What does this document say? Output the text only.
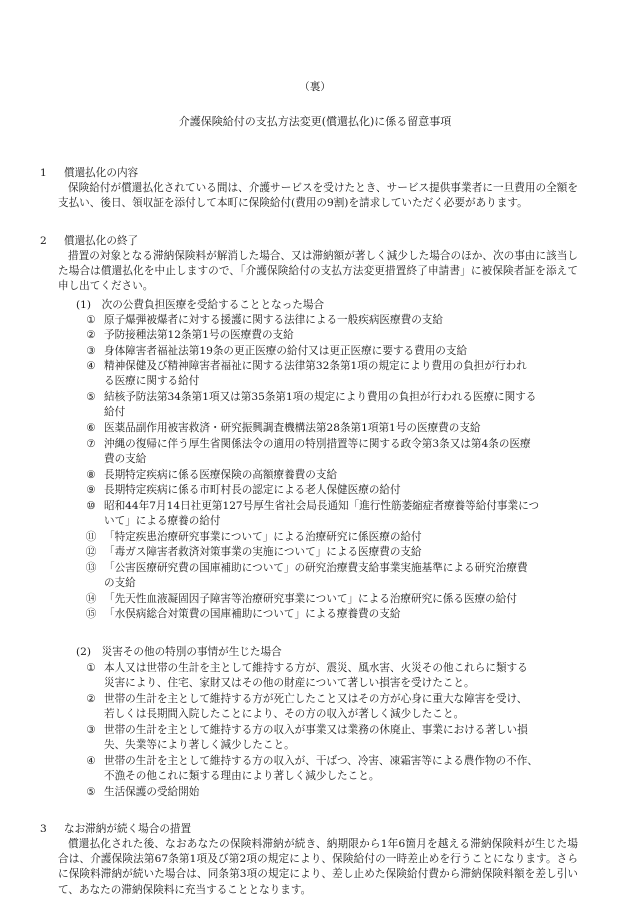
（裏）
介護保険給付の支払方法変更(償還払化)に係る留意事項
1 償還払化の内容
保険給付が償還払化されている間は、介護サービスを受けたとき、サービス提供事業者に一旦費用の全額を支払い、後日、領収証を添付して本町に保険給付(費用の9割)を請求していただく必要があります。
2 償還払化の終了
措置の対象となる滞納保険料が解消した場合、又は滞納額が著しく減少した場合のほか、次の事由に該当した場合は償還払化を中止しますので、「介護保険給付の支払方法変更措置終了申請書」に被保険者証を添えて申し出てください。
(1)　次の公費負担医療を受給することとなった場合
① 原子爆弾被爆者に対する援護に関する法律による一般疾病医療費の支給
② 予防接種法第12条第1号の医療費の支給
③ 身体障害者福祉法第19条の更正医療の給付又は更正医療に要する費用の支給
④ 精神保健及び精神障害者福祉に関する法律第32条第1項の規定により費用の負担が行われ
る医療に関する給付
⑤ 結核予防法第34条第1項又は第35条第1項の規定により費用の負担が行われる医療に関する
給付
⑥ 医薬品副作用被害救済・研究振興調査機構法第28条第1項第1号の医療費の支給
⑦ 沖縄の復帰に伴う厚生省関係法令の適用の特別措置等に関する政令第3条又は第4条の医療
費の支給
⑧ 長期特定疾病に係る医療保険の高額療養費の支給
⑨ 長期特定疾病に係る市町村長の認定による老人保健医療の給付
⑩ 昭和44年7月14日社更第127号厚生省社会局長通知「進行性筋萎縮症者療養等給付事業につ
いて」による療養の給付
⑪ 「特定疾患治療研究事業について」による治療研究に係医療の給付
⑫ 「毒ガス障害者救済対策事業の実施について」による医療費の支給
⑬ 「公害医療研究費の国庫補助について」の研究治療費支給事業実施基準による研究治療費
の支給
⑭ 「先天性血液凝固因子障害等治療研究事業について」による治療研究に係る医療の給付
⑮ 「水俣病総合対策費の国庫補助について」による療養費の支給
(2)　災害その他の特別の事情が生じた場合
① 本人又は世帯の生計を主として維持する方が、震災、風水害、火災その他これらに類する
災害により、住宅、家財又はその他の財産について著しい損害を受けたこと。
② 世帯の生計を主として維持する方が死亡したこと又はその方が心身に重大な障害を受け、
若しくは長期間入院したことにより、その方の収入が著しく減少したこと。
③ 世帯の生計を主として維持する方の収入が事業又は業務の休廃止、事業における著しい損
失、失業等により著しく減少したこと。
④ 世帯の生計を主として維持する方の収入が、干ばつ、冷害、凍霜害等による農作物の不作、
不漁その他これに類する理由により著しく減少したこと。
⑤ 生活保護の受給開始
3 なお滞納が続く場合の措置
償還払化された後、なおあなたの保険料滞納が続き、納期限から1年6箇月を越える滞納保険料が生じた場合は、介護保険法第67条第1項及び第2項の規定により、保険給付の一時差止めを行うことになります。さらに保険料滞納が続いた場合は、同条第3項の規定により、差し止めた保険給付費から滞納保険料額を差し引いて、あなたの滞納保険料に充当することとなります。
